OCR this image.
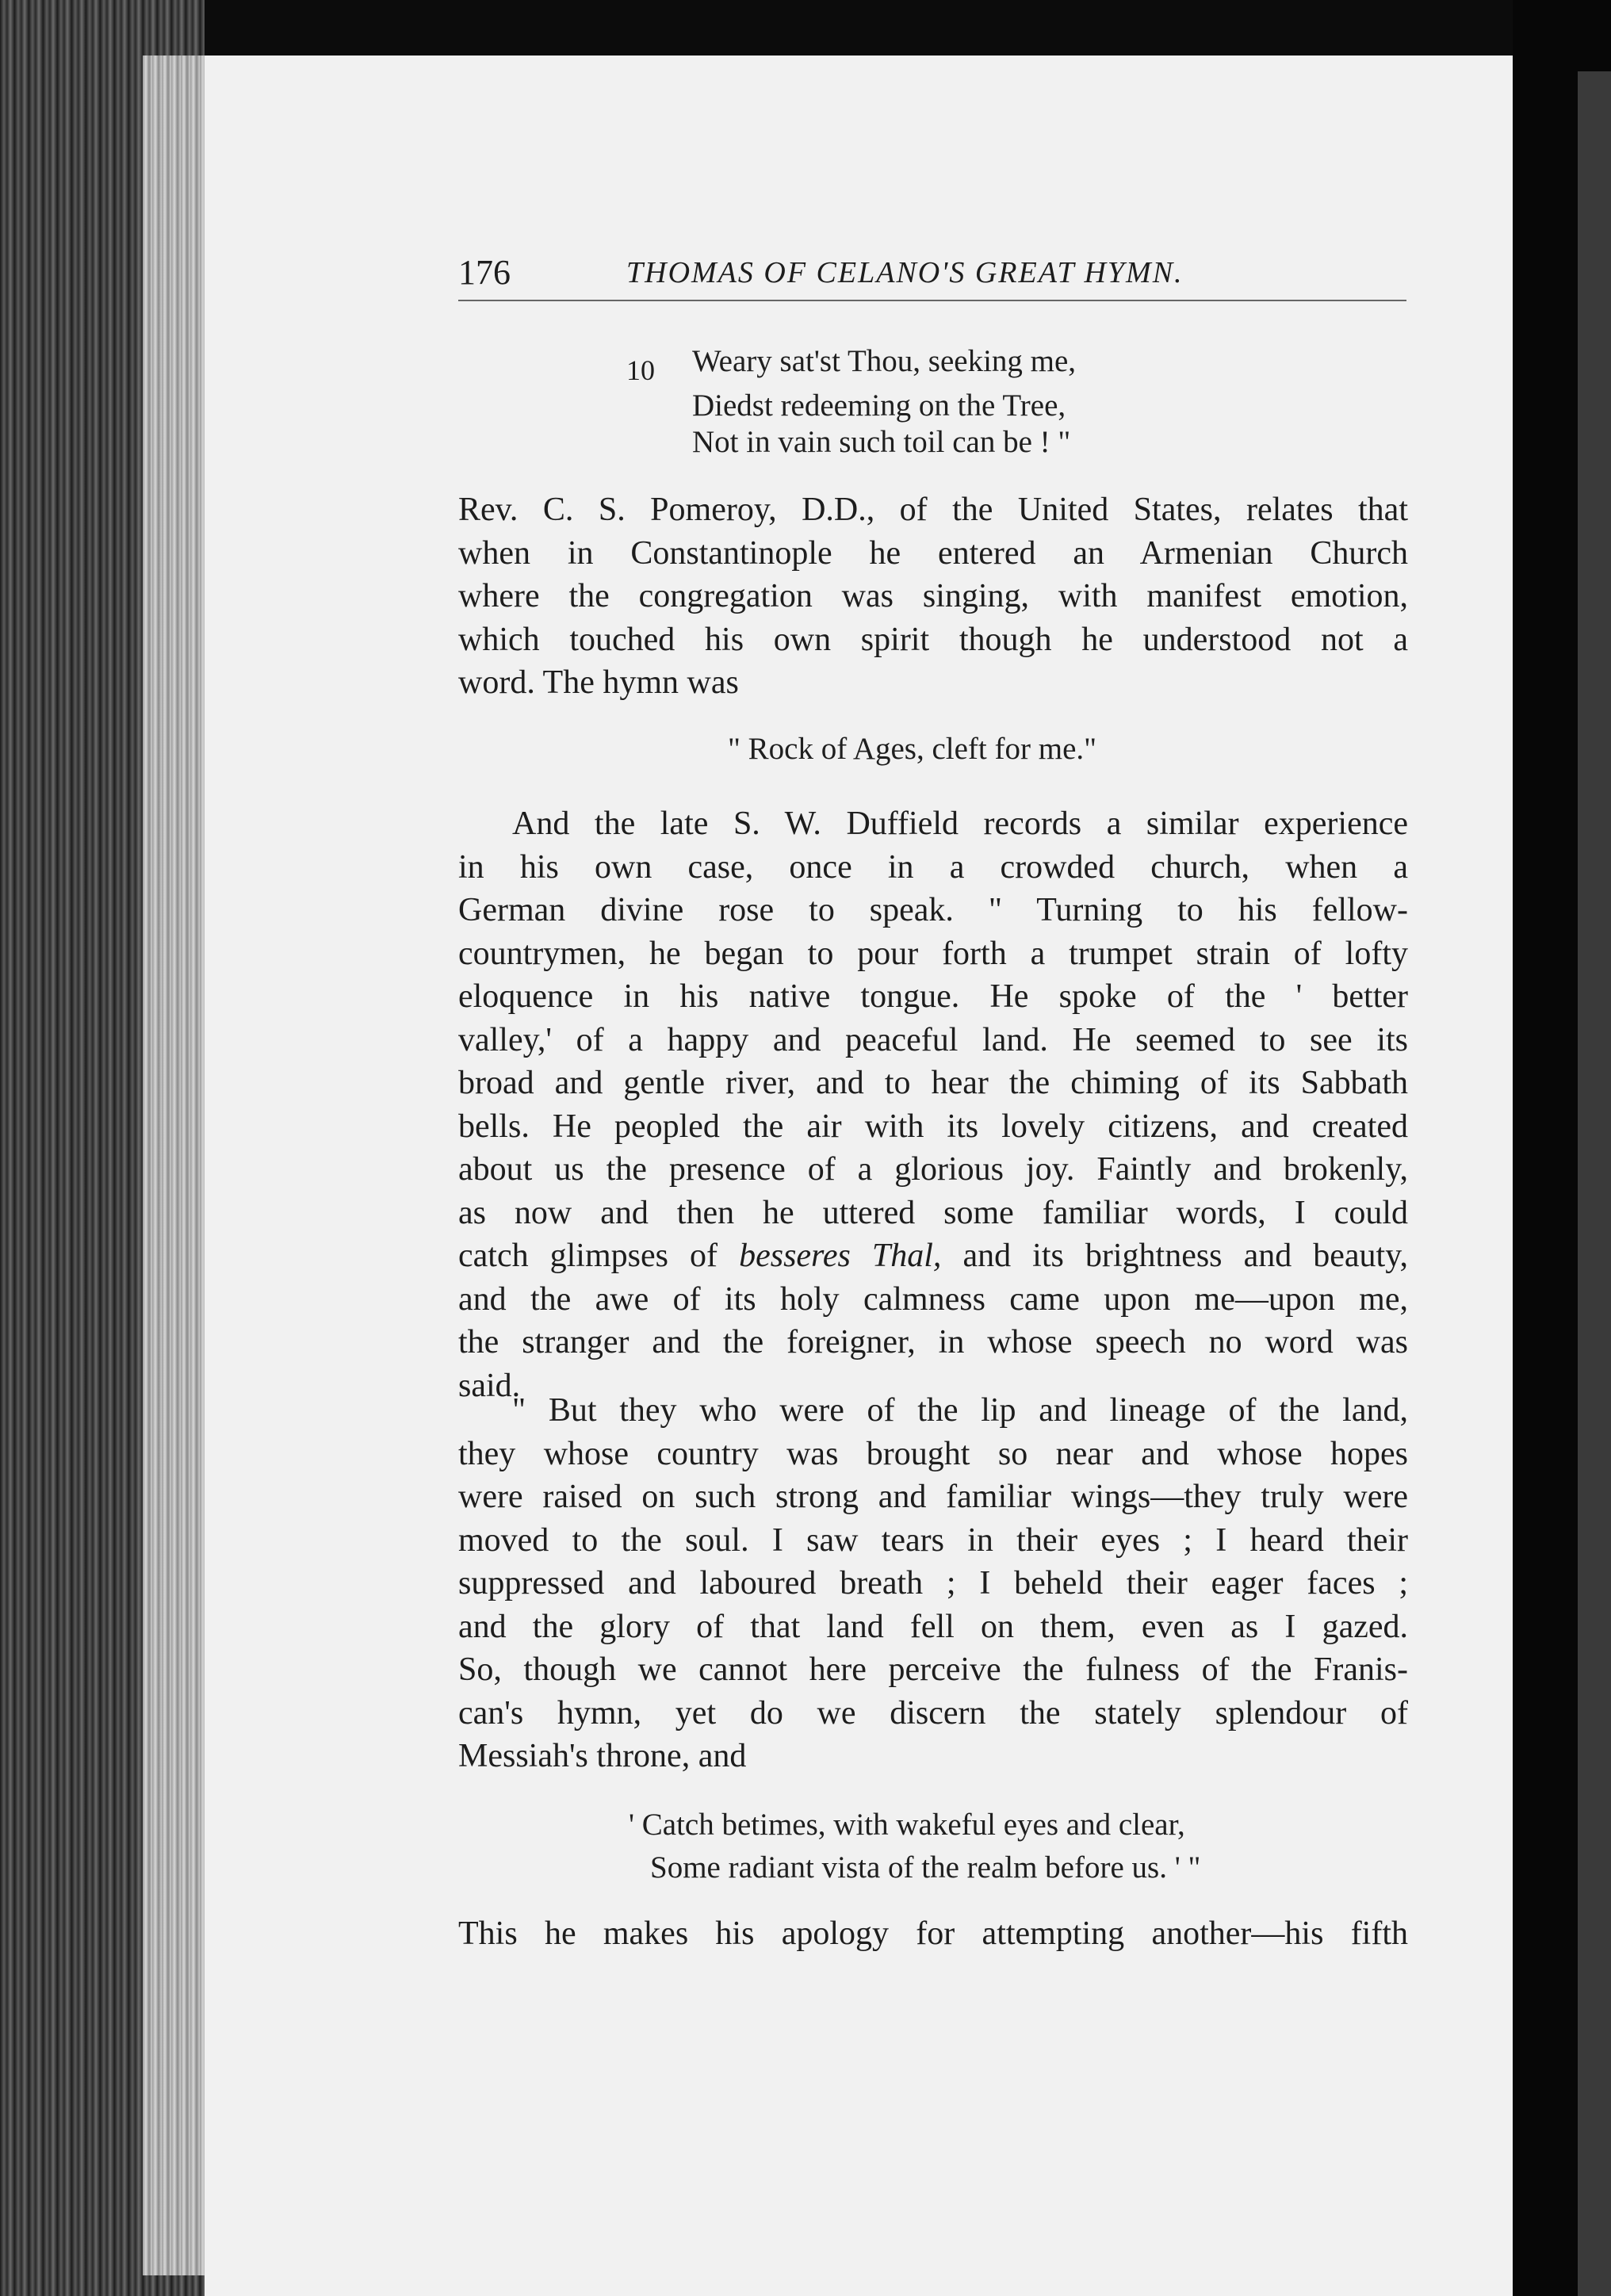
176	THOMAS OF CELANO'S GREAT HYMN.
10 Weary sat'st Thou, seeking me,
Diedst redeeming on the Tree,
Not in vain such toil can be ! "
Rev. C. S. Pomeroy, D.D., of the United States, relates that
when in Constantinople he entered an Armenian Church
where the congregation was singing, with manifest emotion,
which touched his own spirit though he understood not a
word. The hymn was
" Rock of Ages, cleft for me."
And the late S. W. Duffield records a similar experience
in his own case, once in a crowded church, when a
German divine rose to speak. " Turning to his fellow-
countrymen, he began to pour forth a trumpet strain of lofty
eloquence in his native tongue. He spoke of the ' better
valley,' of a happy and peaceful land. He seemed to see its
broad and gentle river, and to hear the chiming of its Sabbath
bells. He peopled the air with its lovely citizens, and created
about us the presence of a glorious joy. Faintly and brokenly,
as now and then he uttered some familiar words, I could
catch glimpses of besseres Thal, and its brightness and beauty,
and the awe of its holy calmness came upon me—upon me,
the stranger and the foreigner, in whose speech no word was
said.
" But they who were of the lip and lineage of the land,
they whose country was brought so near and whose hopes
were raised on such strong and familiar wings—they truly were
moved to the soul. I saw tears in their eyes ; I heard their
suppressed and laboured breath ; I beheld their eager faces ;
and the glory of that land fell on them, even as I gazed.
So, though we cannot here perceive the fulness of the Franis-
can's hymn, yet do we discern the stately splendour of
Messiah's throne, and
' Catch betimes, with wakeful eyes and clear,
Some radiant vista of the realm before us. ' "
This he makes his apology for attempting another—his fifth
